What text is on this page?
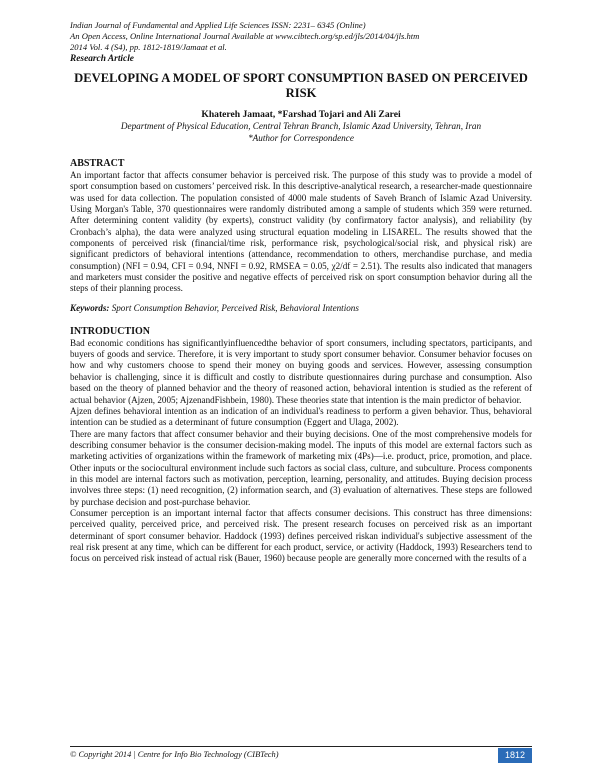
Indian Journal of Fundamental and Applied Life Sciences ISSN: 2231– 6345 (Online)
An Open Access, Online International Journal Available at www.cibtech.org/sp.ed/jls/2014/04/jls.htm
2014 Vol. 4 (S4), pp. 1812-1819/Jamaat et al.
Research Article
DEVELOPING A MODEL OF SPORT CONSUMPTION BASED ON PERCEIVED RISK
Khatereh Jamaat, *Farshad Tojari and Ali Zarei
Department of Physical Education, Central Tehran Branch, Islamic Azad University, Tehran, Iran
*Author for Correspondence
ABSTRACT

An important factor that affects consumer behavior is perceived risk. The purpose of this study was to provide a model of sport consumption based on customers’ perceived risk. In this descriptive-analytical research, a researcher-made questionnaire was used for data collection. The population consisted of 4000 male students of Saveh Branch of Islamic Azad University. Using Morgan's Table, 370 questionnaires were randomly distributed among a sample of students which 359 were returned. After determining content validity (by experts), construct validity (by confirmatory factor analysis), and reliability (by Cronbach’s alpha), the data were analyzed using structural equation modeling in LISAREL. The results showed that the components of perceived risk (financial/time risk, performance risk, psychological/social risk, and physical risk) are significant predictors of behavioral intentions (attendance, recommendation to others, merchandise purchase, and media consumption) (NFI = 0.94, CFI = 0.94, NNFI = 0.92, RMSEA = 0.05, χ2/df = 2.51). The results also indicated that managers and marketers must consider the positive and negative effects of perceived risk on sport consumption behavior during all the steps of their planning process.

Keywords: Sport Consumption Behavior, Perceived Risk, Behavioral Intentions
INTRODUCTION

Bad economic conditions has significantlyinfluencedthe behavior of sport consumers, including spectators, participants, and buyers of goods and service. Therefore, it is very important to study sport consumer behavior. Consumer behavior focuses on how and why customers choose to spend their money on buying goods and services. However, assessing consumption behavior is challenging, since it is difficult and costly to distribute questionnaires during purchase and consumption. Also based on the theory of planned behavior and the theory of reasoned action, behavioral intention is studied as the referent of actual behavior (Ajzen, 2005; AjzenandFishbein, 1980). These theories state that intention is the main predictor of behavior.

Ajzen defines behavioral intention as an indication of an individual's readiness to perform a given behavior. Thus, behavioral intention can be studied as a determinant of future consumption (Eggert and Ulaga, 2002).

There are many factors that affect consumer behavior and their buying decisions. One of the most comprehensive models for describing consumer behavior is the consumer decision-making model. The inputs of this model are external factors such as marketing activities of organizations within the framework of marketing mix (4Ps)—i.e. product, price, promotion, and place. Other inputs or the sociocultural environment include such factors as social class, culture, and subculture. Process components in this model are internal factors such as motivation, perception, learning, personality, and attitudes. Buying decision process involves three steps: (1) need recognition, (2) information search, and (3) evaluation of alternatives. These steps are followed by purchase decision and post-purchase behavior.

Consumer perception is an important internal factor that affects consumer decisions. This construct has three dimensions: perceived quality, perceived price, and perceived risk. The present research focuses on perceived risk as an important determinant of sport consumer behavior. Haddock (1993) defines perceived riskan individual's subjective assessment of the real risk present at any time, which can be different for each product, service, or activity (Haddock, 1993) Researchers tend to focus on perceived risk instead of actual risk (Bauer, 1960) because people are generally more concerned with the results of a

© Copyright 2014 | Centre for Info Bio Technology (CIBTech)	1812
